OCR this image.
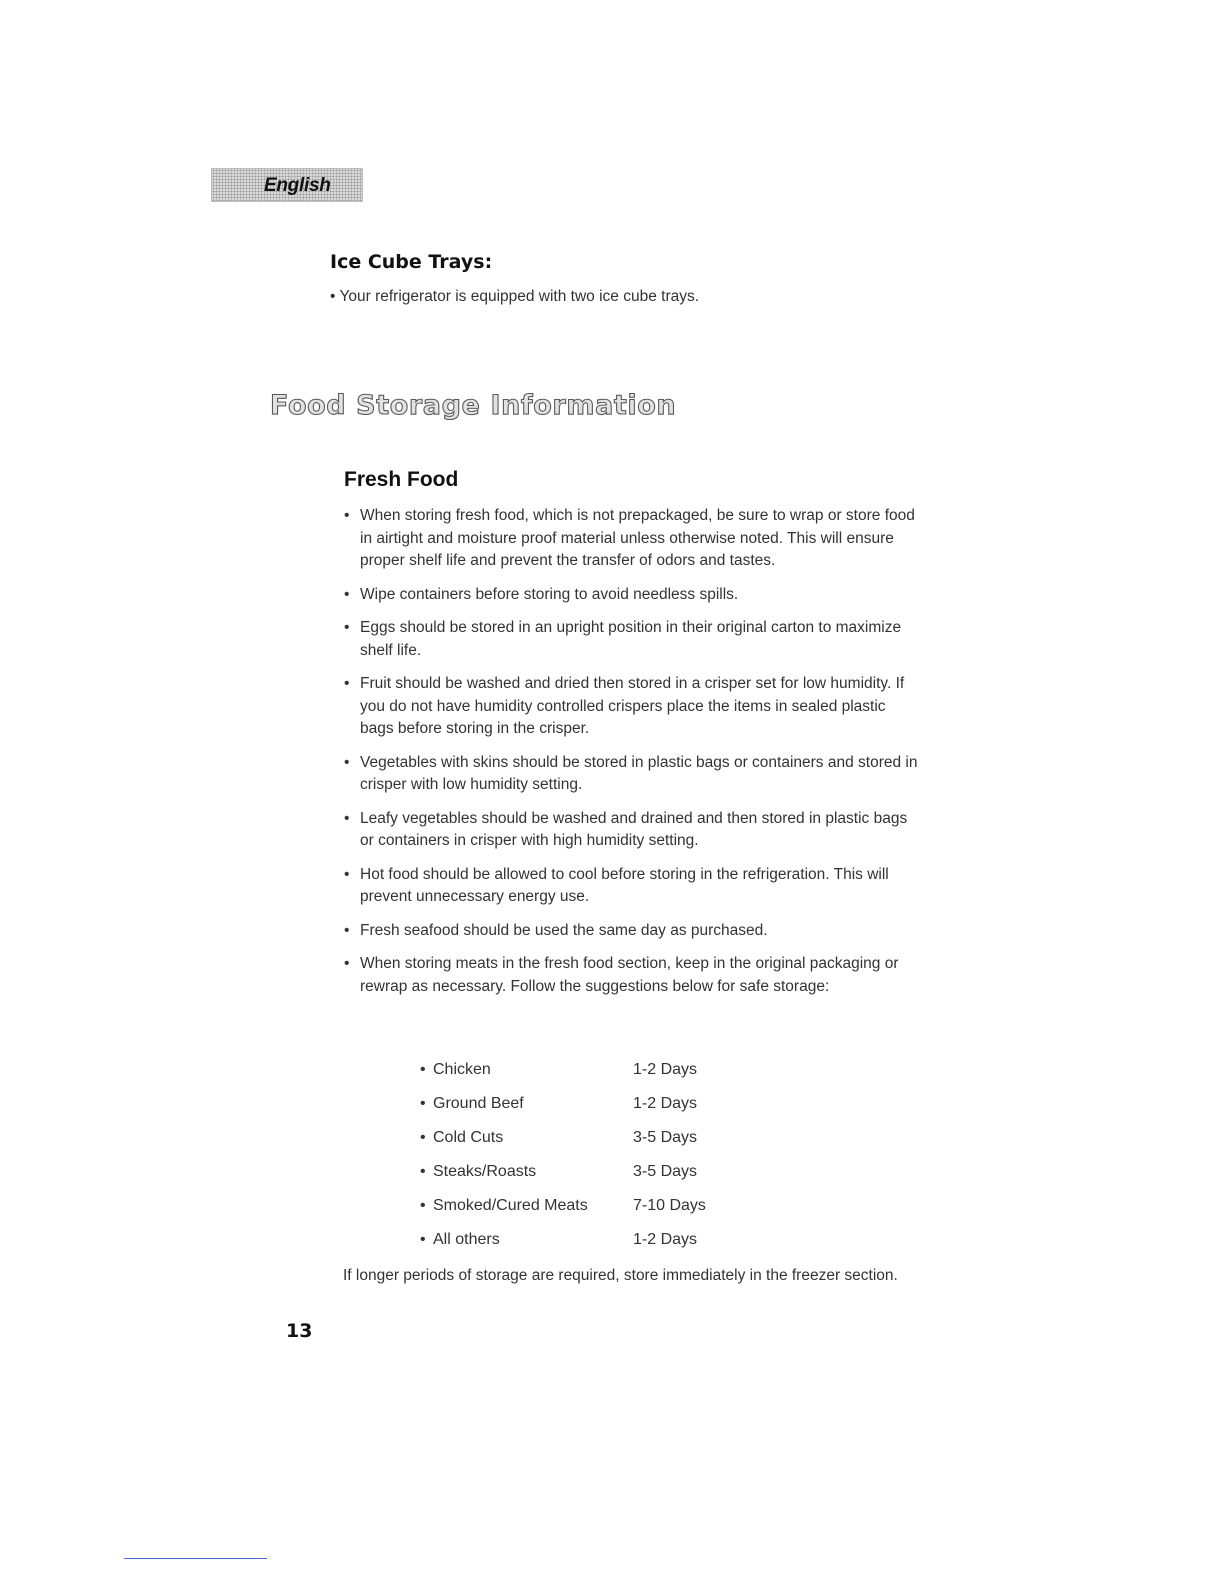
English
Ice Cube Trays:

• Your refrigerator is equipped with two ice cube trays.

Food Storage Information
Fresh Food
• When storing fresh food, which is not prepackaged, be sure to wrap or store food in airtight and moisture proof material unless otherwise noted. This will ensure proper shelf life and prevent the transfer of odors and tastes.
• Wipe containers before storing to avoid needless spills.
• Eggs should be stored in an upright position in their original carton to maximize shelf life.
• Fruit should be washed and dried then stored in a crisper set for low humidity. If you do not have humidity controlled crispers place the items in sealed plastic bags before storing in the crisper.
• Vegetables with skins should be stored in plastic bags or containers and stored in crisper with low humidity setting.
• Leafy vegetables should be washed and drained and then stored in plastic bags or containers in crisper with high humidity setting.
• Hot food should be allowed to cool before storing in the refrigeration. This will prevent unnecessary energy use.
• Fresh seafood should be used the same day as purchased.
• When storing meats in the fresh food section, keep in the original packaging or rewrap as necessary. Follow the suggestions below for safe storage:
• Chicken	1-2 Days
• Ground Beef	1-2 Days
• Cold Cuts	3-5 Days
• Steaks/Roasts	3-5 Days
• Smoked/Cured Meats	7-10 Days
• All others	1-2 Days

If longer periods of storage are required, store immediately in the freezer section.

13
